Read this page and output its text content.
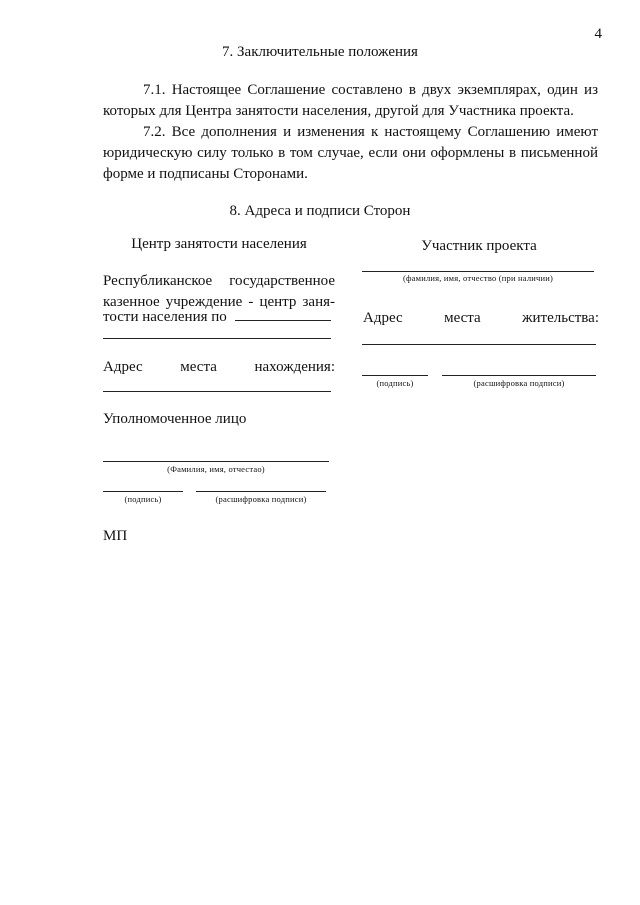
4
7. Заключительные положения
7.1. Настоящее Соглашение составлено в двух экземплярах, один из которых для Центра занятости населения, другой для Участника проекта.
7.2. Все дополнения и изменения к настоящему Соглашению имеют юридическую силу только в том случае, если они оформлены в письменной форме и подписаны Сторонами.
8. Адреса и подписи Сторон
Центр занятости населения
Республиканское государственное
казенное учреждение - центр заня-
тости населения по
Адрес	места	нахождения:
Уполномоченное лицо
(Фамилия, имя, отчестао)
(подпись)	(расшифровка подписи)
МП
Участник проекта
(фамилия, имя, отчество (при наличии)
Адрес	места	жительства:
(подпись)	(расшифровка подписи)
